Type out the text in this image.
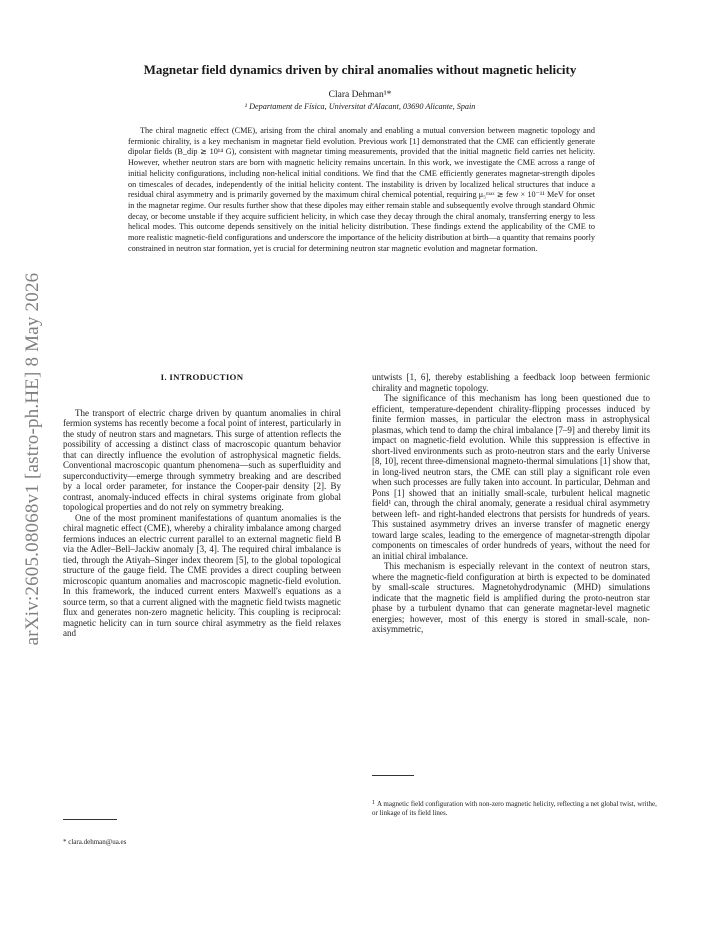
arXiv:2605.08068v1 [astro-ph.HE] 8 May 2026
Magnetar field dynamics driven by chiral anomalies without magnetic helicity
Clara Dehman¹*
¹ Departament de Física, Universitat d'Alacant, 03690 Alicante, Spain

The chiral magnetic effect (CME), arising from the chiral anomaly and enabling a mutual conversion between magnetic topology and fermionic chirality, is a key mechanism in magnetar field evolution. Previous work [1] demonstrated that the CME can efficiently generate dipolar fields (B_dip ≳ 10¹⁴ G), consistent with magnetar timing measurements, provided that the initial magnetic field carries net helicity. However, whether neutron stars are born with magnetic helicity remains uncertain. In this work, we investigate the CME across a range of initial helicity configurations, including non-helical initial conditions. We find that the CME efficiently generates magnetar-strength dipoles on timescales of decades, independently of the initial helicity content. The instability is driven by localized helical structures that induce a residual chiral asymmetry and is primarily governed by the maximum chiral chemical potential, requiring μ₅ᵐᵃˣ ≳ few × 10⁻¹¹ MeV for onset in the magnetar regime. Our results further show that these dipoles may either remain stable and subsequently evolve through standard Ohmic decay, or become unstable if they acquire sufficient helicity, in which case they decay through the chiral anomaly, transferring energy to less helical modes. This outcome depends sensitively on the initial helicity distribution. These findings extend the applicability of the CME to more realistic magnetic-field configurations and underscore the importance of the helicity distribution at birth—a quantity that remains poorly constrained in neutron star formation, yet is crucial for determining neutron star magnetic evolution and magnetar formation.

I. INTRODUCTION

The transport of electric charge driven by quantum anomalies in chiral fermion systems has recently become a focal point of interest, particularly in the study of neutron stars and magnetars. This surge of attention reflects the possibility of accessing a distinct class of macroscopic quantum behavior that can directly influence the evolution of astrophysical magnetic fields. Conventional macroscopic quantum phenomena—such as superfluidity and superconductivity—emerge through symmetry breaking and are described by a local order parameter, for instance the Cooper-pair density [2]. By contrast, anomaly-induced effects in chiral systems originate from global topological properties and do not rely on symmetry breaking.

One of the most prominent manifestations of quantum anomalies is the chiral magnetic effect (CME), whereby a chirality imbalance among charged fermions induces an electric current parallel to an external magnetic field B via the Adler–Bell–Jackiw anomaly [3, 4]. The required chiral imbalance is tied, through the Atiyah–Singer index theorem [5], to the global topological structure of the gauge field. The CME provides a direct coupling between microscopic quantum anomalies and macroscopic magnetic-field evolution. In this framework, the induced current enters Maxwell's equations as a source term, so that a current aligned with the magnetic field twists magnetic flux and generates non-zero magnetic helicity. This coupling is reciprocal: magnetic helicity can in turn source chiral asymmetry as the field relaxes and

untwists [1, 6], thereby establishing a feedback loop between fermionic chirality and magnetic topology.

The significance of this mechanism has long been questioned due to efficient, temperature-dependent chirality-flipping processes induced by finite fermion masses, in particular the electron mass in astrophysical plasmas, which tend to damp the chiral imbalance [7–9] and thereby limit its impact on magnetic-field evolution. While this suppression is effective in short-lived environments such as proto-neutron stars and the early Universe [8, 10], recent three-dimensional magneto-thermal simulations [1] show that, in long-lived neutron stars, the CME can still play a significant role even when such processes are fully taken into account. In particular, Dehman and Pons [1] showed that an initially small-scale, turbulent helical magnetic field¹ can, through the chiral anomaly, generate a residual chiral asymmetry between left- and right-handed electrons that persists for hundreds of years. This sustained asymmetry drives an inverse transfer of magnetic energy toward large scales, leading to the emergence of magnetar-strength dipolar components on timescales of order hundreds of years, without the need for an initial chiral imbalance.

This mechanism is especially relevant in the context of neutron stars, where the magnetic-field configuration at birth is expected to be dominated by small-scale structures. Magnetohydrodynamic (MHD) simulations indicate that the magnetic field is amplified during the proto-neutron star phase by a turbulent dynamo that can generate magnetar-level magnetic energies; however, most of this energy is stored in small-scale, non-axisymmetric,

* clara.dehman@ua.es
1 A magnetic field configuration with non-zero magnetic helicity, reflecting a net global twist, writhe, or linkage of its field lines.
